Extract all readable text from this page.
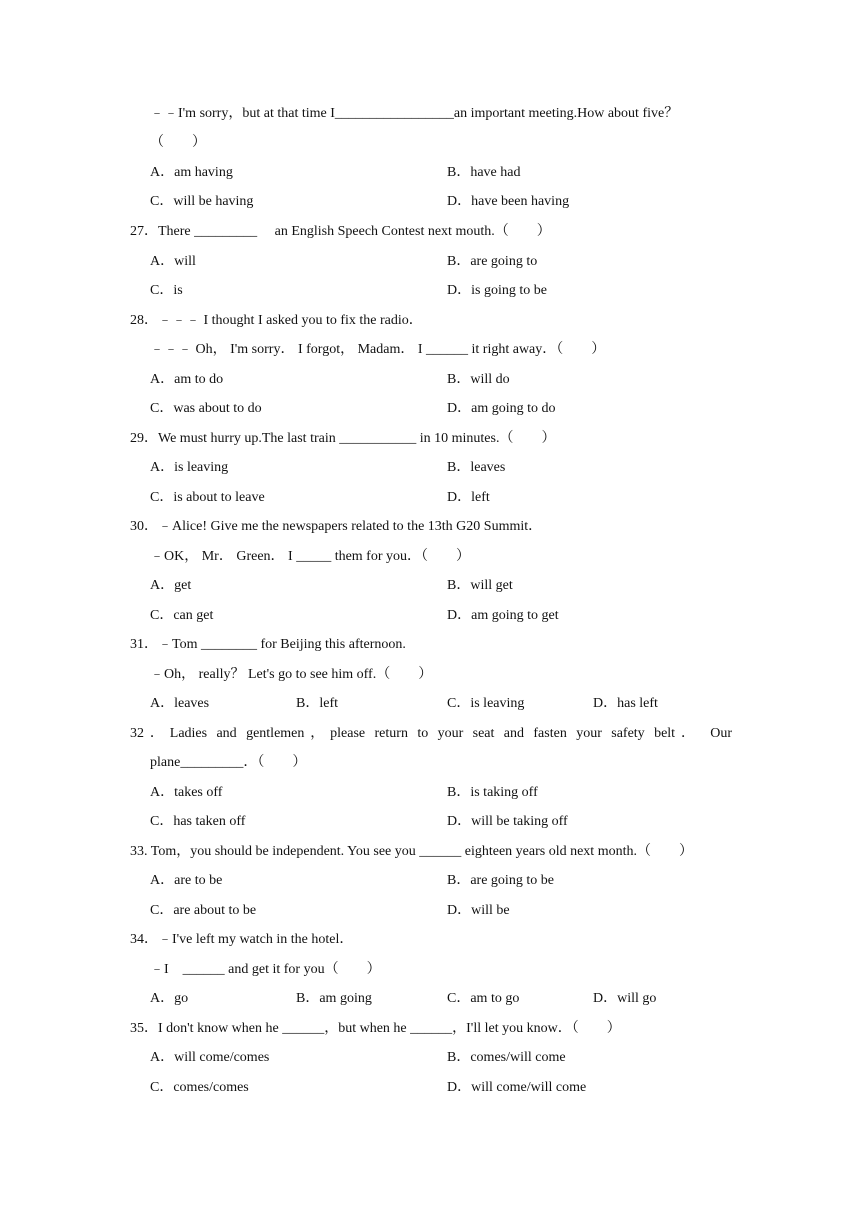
﹣﹣I'm sorry，but at that time I_________________an important meeting.How about five？
（　　）
A．am having	B．have had
C．will be having	D．have been having
27．There _________　 an English Speech Contest next mouth.（　　）
A．will	B．are going to
C．is	D．is going to be
28．﹣﹣﹣ I thought I asked you to fix the radio．
﹣﹣﹣ Oh， I'm sorry． I forgot， Madam． I ______ it right away．（　　）
A．am to do	B．will do
C．was about to do	D．am going to do
29．We must hurry up.The last train ___________ in 10 minutes.（　　）
A．is leaving	B．leaves
C．is about to leave	D．left
30．﹣Alice! Give me the newspapers related to the 13th G20 Summit．
﹣OK， Mr． Green． I _____ them for you．（　　）
A．get	B．will get
C．can get	D．am going to get
31．﹣Tom ________ for Beijing this afternoon.
﹣Oh， really？ Let's go to see him off.（　　）
A．leaves	B．left	C．is leaving	D．has left
32．Ladies and gentlemen，please return to your seat and fasten your safety belt． Our
plane_________．（　　）
A．takes off	B．is taking off
C．has taken off	D．will be taking off
33. Tom，you should be independent. You see you ______ eighteen years old next month.（　　）
A．are to be	B．are going to be
C．are about to be	D．will be
34．﹣I've left my watch in the hotel．
﹣I　______ and get it for you（　　）
A．go	B．am going	C．am to go	D．will go
35．I don't know when he ______，but when he ______，I'll let you know．（　　）
A．will come/comes	B．comes/will come
C．comes/comes	D．will come/will come
